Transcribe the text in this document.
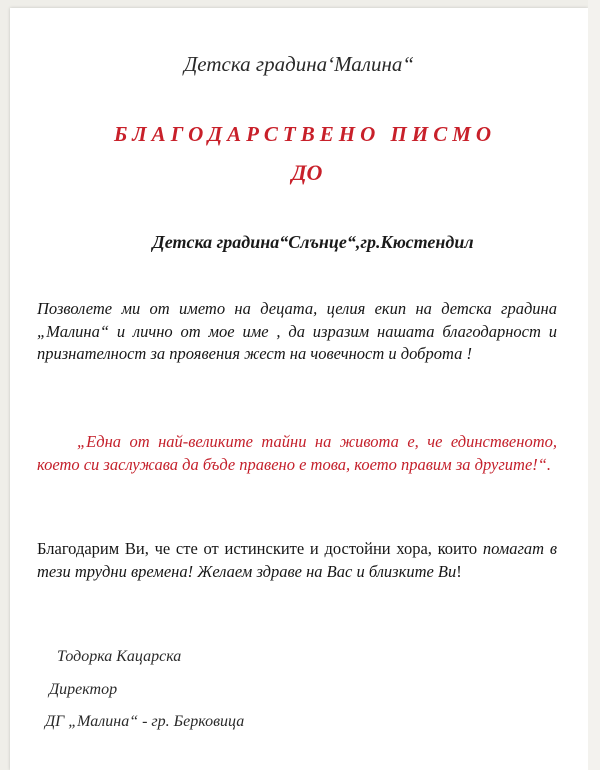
Детска градина‘Малина“
БЛАГОДАРСТВЕНО ПИСМО
ДО
Детска градина“Слънце“,гр.Кюстендил
Позволете ми от името на децата, целия екип на детска градина „Малина“ и лично от мое име , да изразим нашата благодарност и признателност за проявения жест на човечност и доброта !
„Една от най-великите тайни на живота е, че единственото, което си заслужава да бъде правено е това, което правим за другите!“.
Благодарим Ви, че сте от истинските и достойни хора, които помагат в тези трудни времена! Желаем здраве на Вас и близките Ви!
Тодорка Кацарска
Директор
ДГ „Малина“ - гр. Берковица
